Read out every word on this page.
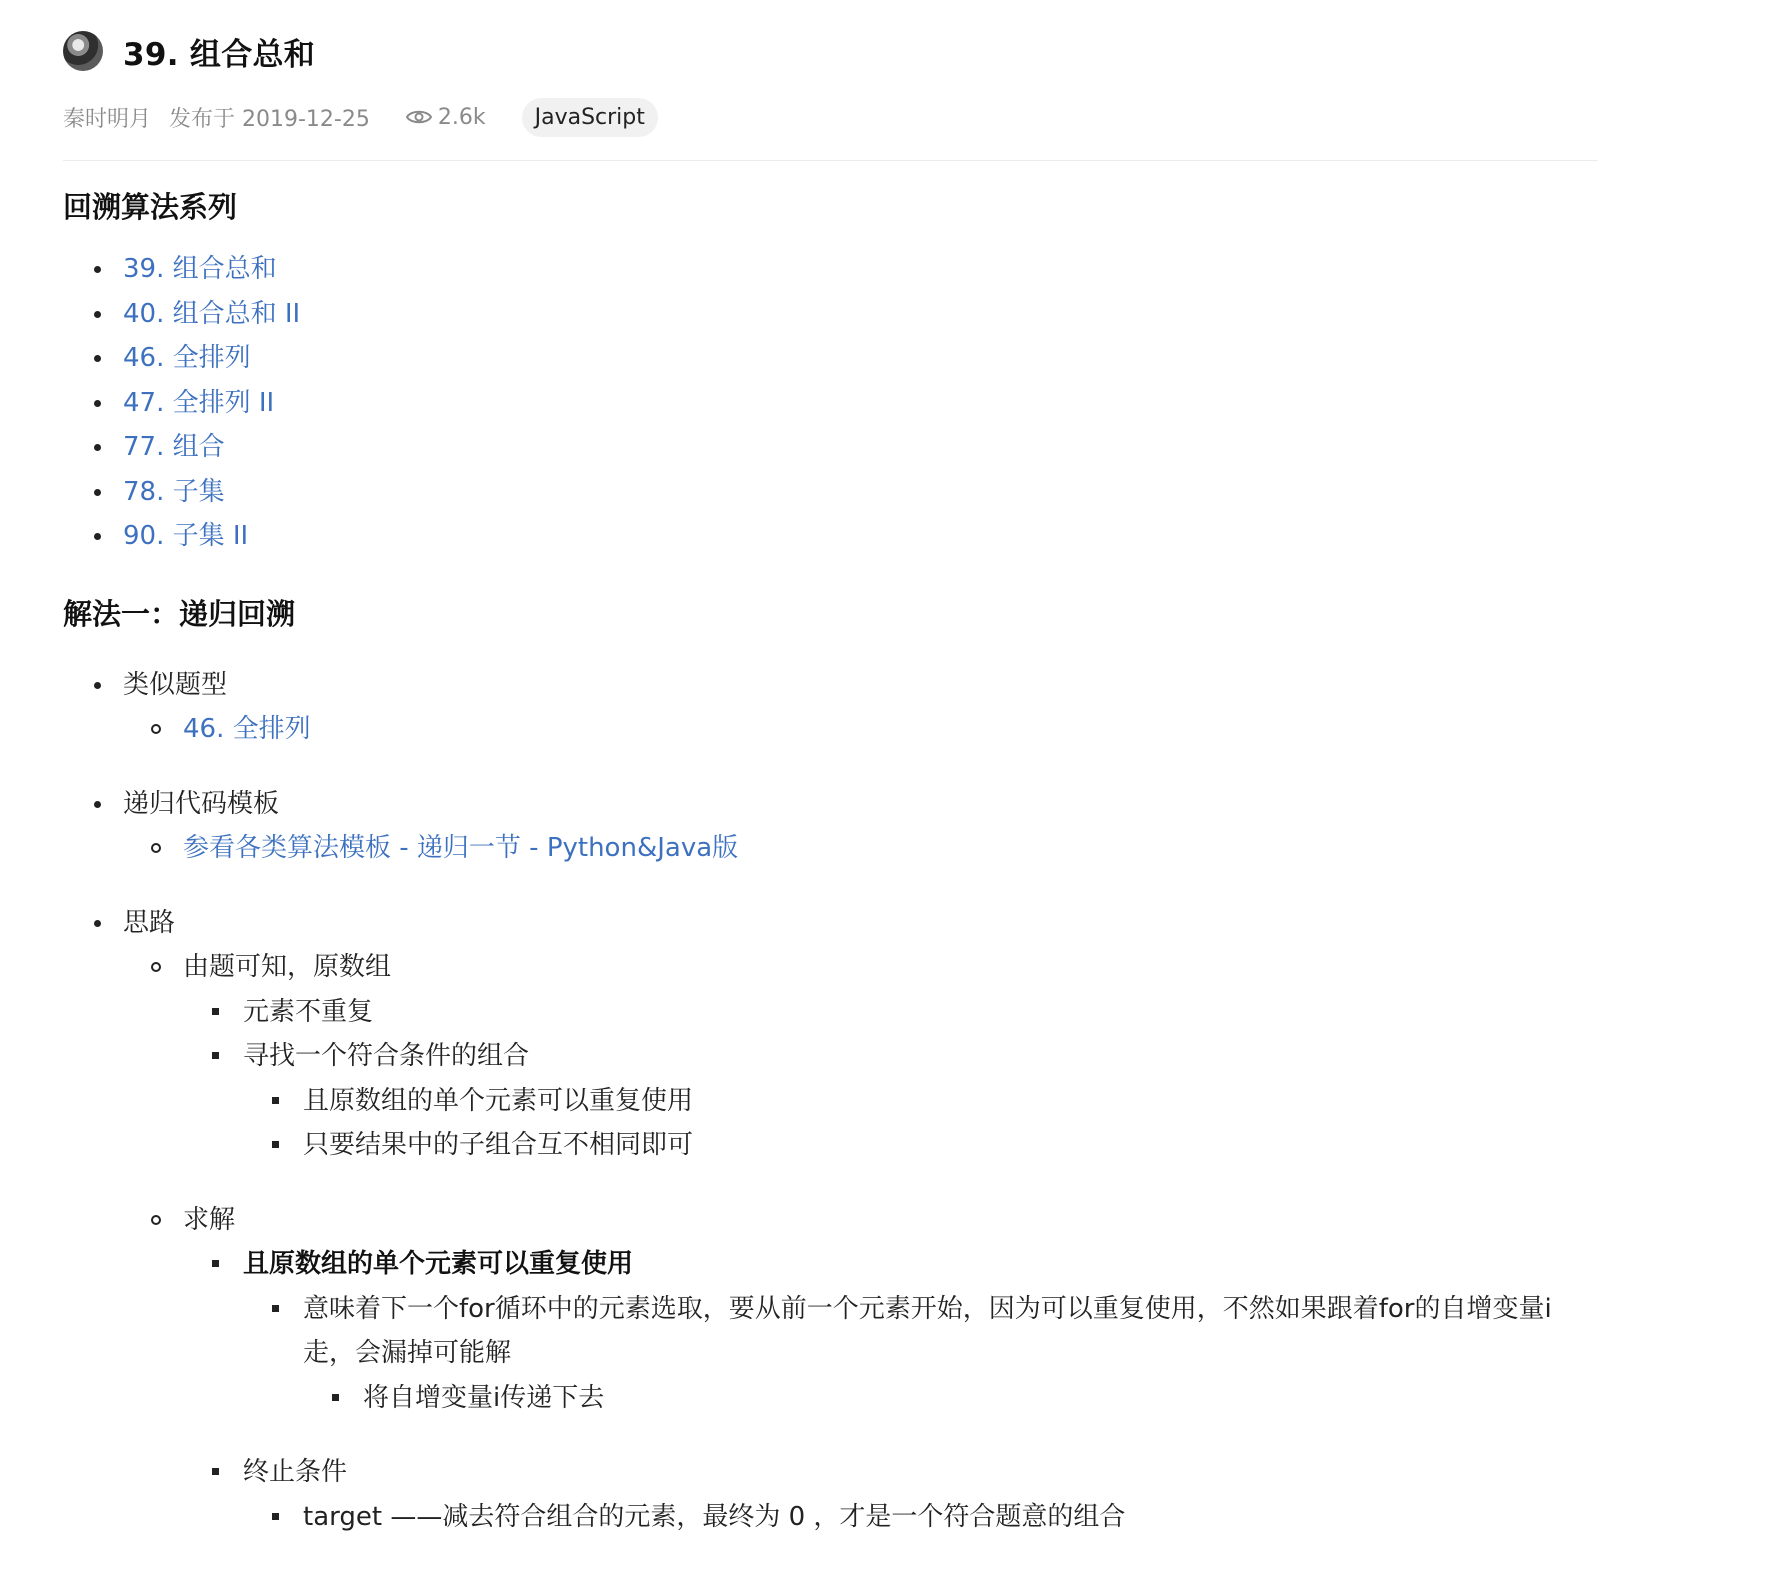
39. 组合总和
秦时明月 发布于 2019-12-25	2.6k	JavaScript
回溯算法系列
39. 组合总和
40. 组合总和 II
46. 全排列
47. 全排列 II
77. 组合
78. 子集
90. 子集 II
解法一：递归回溯
类似题型
46. 全排列
递归代码模板
参看各类算法模板 - 递归一节 - Python&Java版
思路
由题可知，原数组
元素不重复
寻找一个符合条件的组合
且原数组的单个元素可以重复使用
只要结果中的子组合互不相同即可
求解
且原数组的单个元素可以重复使用
意味着下一个for循环中的元素选取，要从前一个元素开始，因为可以重复使用，不然如果跟着for的自增变量i走，会漏掉可能解
将自增变量i传递下去
终止条件
target ——减去符合组合的元素，最终为 0 ，才是一个符合题意的组合
